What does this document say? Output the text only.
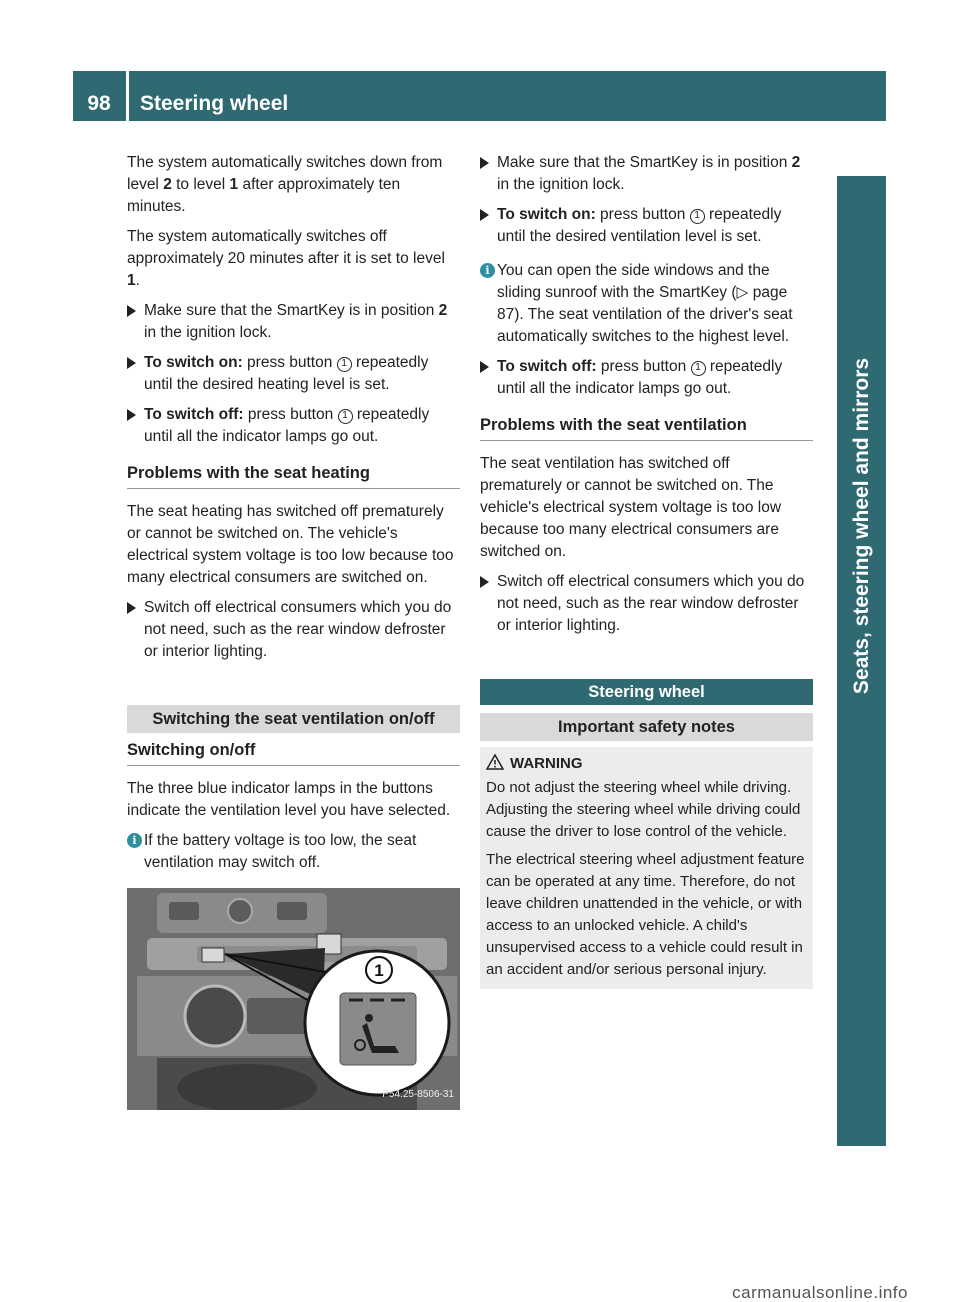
98	Steering wheel
Seats, steering wheel and mirrors

The system automatically switches down from level 2 to level 1 after approximately ten minutes.

The system automatically switches off approximately 20 minutes after it is set to level 1.

Make sure that the SmartKey is in position 2 in the ignition lock.
To switch on: press button 1 repeatedly until the desired heating level is set.
To switch off: press button 1 repeatedly until all the indicator lamps go out.
Problems with the seat heating

The seat heating has switched off prematurely or cannot be switched on. The vehicle's electrical system voltage is too low because too many electrical consumers are switched on.

Switch off electrical consumers which you do not need, such as the rear window defroster or interior lighting.
Switching the seat ventilation on/off
Switching on/off

The three blue indicator lamps in the buttons indicate the ventilation level you have selected.

i If the battery voltage is too low, the seat ventilation may switch off.
1
P54.25-8506-31
Make sure that the SmartKey is in position 2 in the ignition lock.
To switch on: press button 1 repeatedly until the desired ventilation level is set.
i You can open the side windows and the sliding sunroof with the SmartKey (▷ page 87). The seat ventilation of the driver's seat automatically switches to the highest level.
To switch off: press button 1 repeatedly until all the indicator lamps go out.
Problems with the seat ventilation

The seat ventilation has switched off prematurely or cannot be switched on. The vehicle's electrical system voltage is too low because too many electrical consumers are switched on.

Switch off electrical consumers which you do not need, such as the rear window defroster or interior lighting.
Steering wheel
Important safety notes
WARNING

Do not adjust the steering wheel while driving. Adjusting the steering wheel while driving could cause the driver to lose control of the vehicle.

The electrical steering wheel adjustment feature can be operated at any time. Therefore, do not leave children unattended in the vehicle, or with access to an unlocked vehicle. A child's unsupervised access to a vehicle could result in an accident and/or serious personal injury.

carmanualsonline.info
